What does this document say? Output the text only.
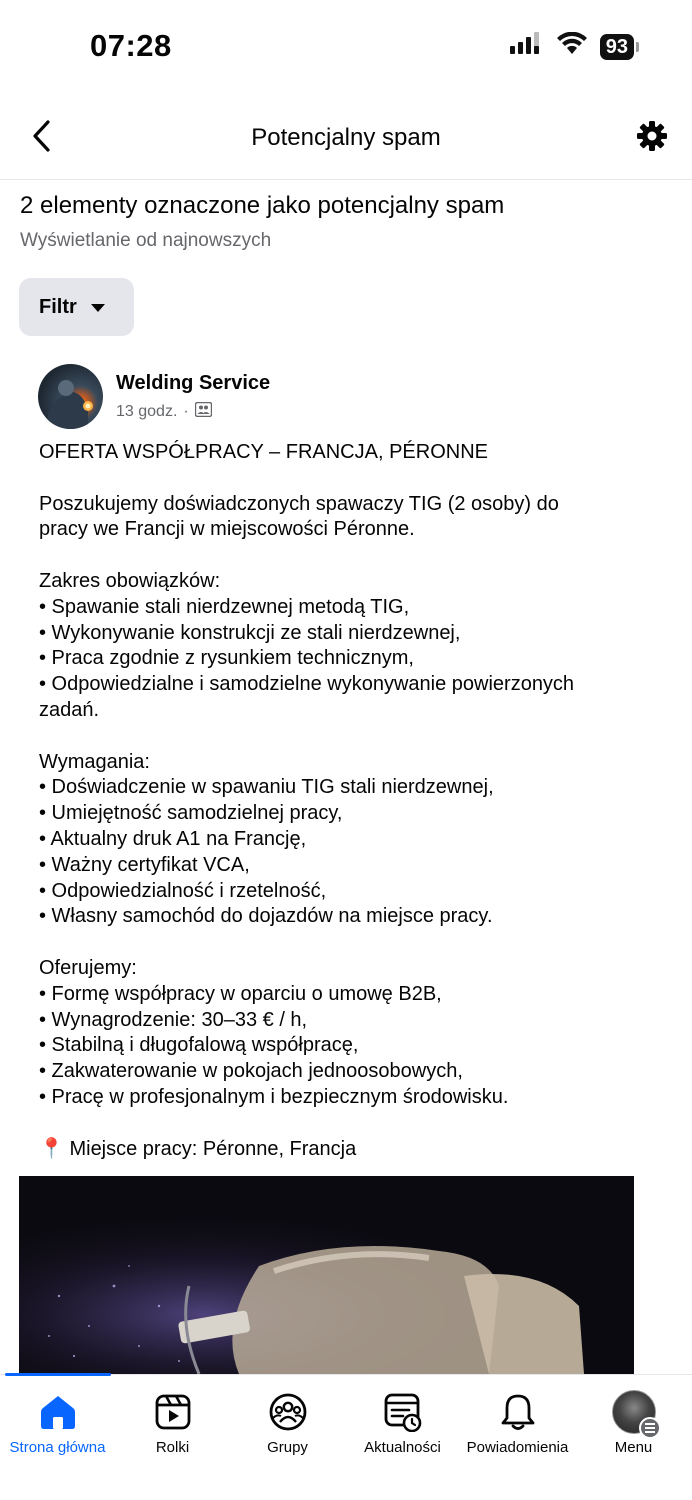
07:28	93
Potencjalny spam
2 elementy oznaczone jako potencjalny spam
Wyświetlanie od najnowszych
Filtr
Welding Service
13 godz. ·

OFERTA WSPÓŁPRACY – FRANCJA, PÉRONNE

Poszukujemy doświadczonych spawaczy TIG (2 osoby) do

pracy we Francji w miejscowości Péronne.

Zakres obowiązków:

• Spawanie stali nierdzewnej metodą TIG,

• Wykonywanie konstrukcji ze stali nierdzewnej,

• Praca zgodnie z rysunkiem technicznym,

• Odpowiedzialne i samodzielne wykonywanie powierzonych

zadań.

Wymagania:

• Doświadczenie w spawaniu TIG stali nierdzewnej,

• Umiejętność samodzielnej pracy,

• Aktualny druk A1 na Francję,

• Ważny certyfikat VCA,

• Odpowiedzialność i rzetelność,

• Własny samochód do dojazdów na miejsce pracy.

Oferujemy:

• Formę współpracy w oparciu o umowę B2B,

• Wynagrodzenie: 30–33 € / h,

• Stabilną i długofalową współpracę,

• Zakwaterowanie w pokojach jednoosobowych,

• Pracę w profesjonalnym i bezpiecznym środowisku.

📍 Miejsce pracy: Péronne, Francja

Strona główna	Rolki	Grupy	Aktualności	Powiadomienia	Menu
